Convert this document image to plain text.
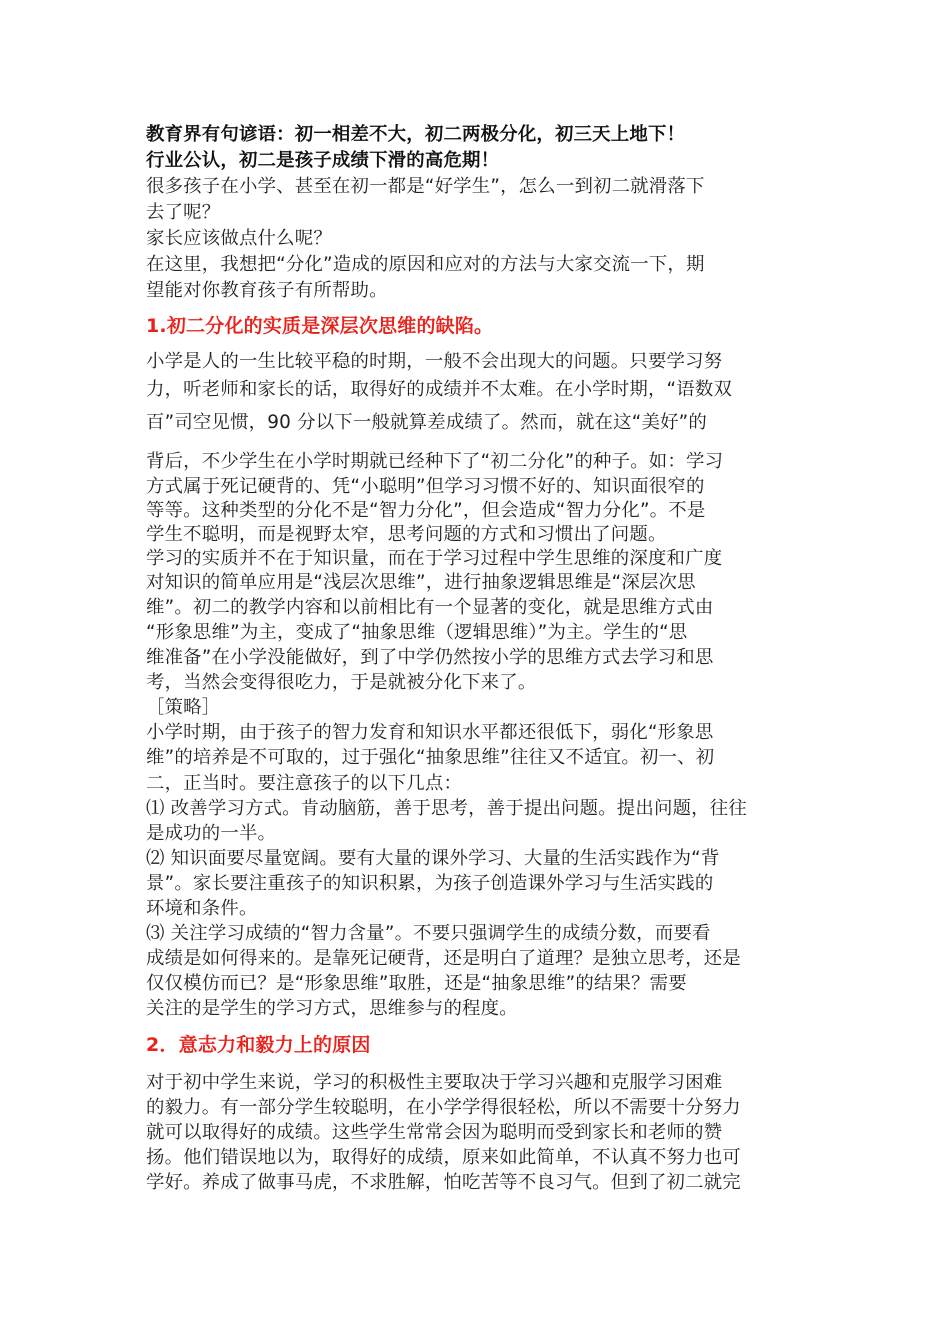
教育界有句谚语：初一相差不大，初二两极分化，初三天上地下！

行业公认，初二是孩子成绩下滑的高危期！

很多孩子在小学、甚至在初一都是“好学生”，怎么一到初二就滑落下

去了呢？

家长应该做点什么呢？

在这里，我想把“分化”造成的原因和应对的方法与大家交流一下，期

望能对你教育孩子有所帮助。

1.初二分化的实质是深层次思维的缺陷。

小学是人的一生比较平稳的时期，一般不会出现大的问题。只要学习努

力，听老师和家长的话，取得好的成绩并不太难。在小学时期，“语数双

百”司空见惯，90 分以下一般就算差成绩了。然而，就在这“美好”的

背后，不少学生在小学时期就已经种下了“初二分化”的种子。如：学习

方式属于死记硬背的、凭“小聪明”但学习习惯不好的、知识面很窄的

等等。这种类型的分化不是“智力分化”，但会造成“智力分化”。不是

学生不聪明，而是视野太窄，思考问题的方式和习惯出了问题。

学习的实质并不在于知识量，而在于学习过程中学生思维的深度和广度

对知识的简单应用是“浅层次思维”，进行抽象逻辑思维是“深层次思

维”。初二的教学内容和以前相比有一个显著的变化，就是思维方式由

“形象思维”为主，变成了“抽象思维（逻辑思维）”为主。学生的“思

维准备”在小学没能做好，到了中学仍然按小学的思维方式去学习和思

考，当然会变得很吃力，于是就被分化下来了。

［策略］

小学时期，由于孩子的智力发育和知识水平都还很低下，弱化“形象思

维”的培养是不可取的，过于强化“抽象思维”往往又不适宜。初一、初

二，正当时。要注意孩子的以下几点：

⑴ 改善学习方式。肯动脑筋，善于思考，善于提出问题。提出问题，往往

是成功的一半。

⑵ 知识面要尽量宽阔。要有大量的课外学习、大量的生活实践作为“背

景”。家长要注重孩子的知识积累，为孩子创造课外学习与生活实践的

环境和条件。

⑶ 关注学习成绩的“智力含量”。不要只强调学生的成绩分数，而要看

成绩是如何得来的。是靠死记硬背，还是明白了道理？是独立思考，还是

仅仅模仿而已？是“形象思维”取胜，还是“抽象思维”的结果？需要

关注的是学生的学习方式，思维参与的程度。

2．意志力和毅力上的原因

对于初中学生来说，学习的积极性主要取决于学习兴趣和克服学习困难

的毅力。有一部分学生较聪明，在小学学得很轻松，所以不需要十分努力

就可以取得好的成绩。这些学生常常会因为聪明而受到家长和老师的赞

扬。他们错误地以为，取得好的成绩，原来如此简单，不认真不努力也可

学好。养成了做事马虎，不求胜解，怕吃苦等不良习气。但到了初二就完
